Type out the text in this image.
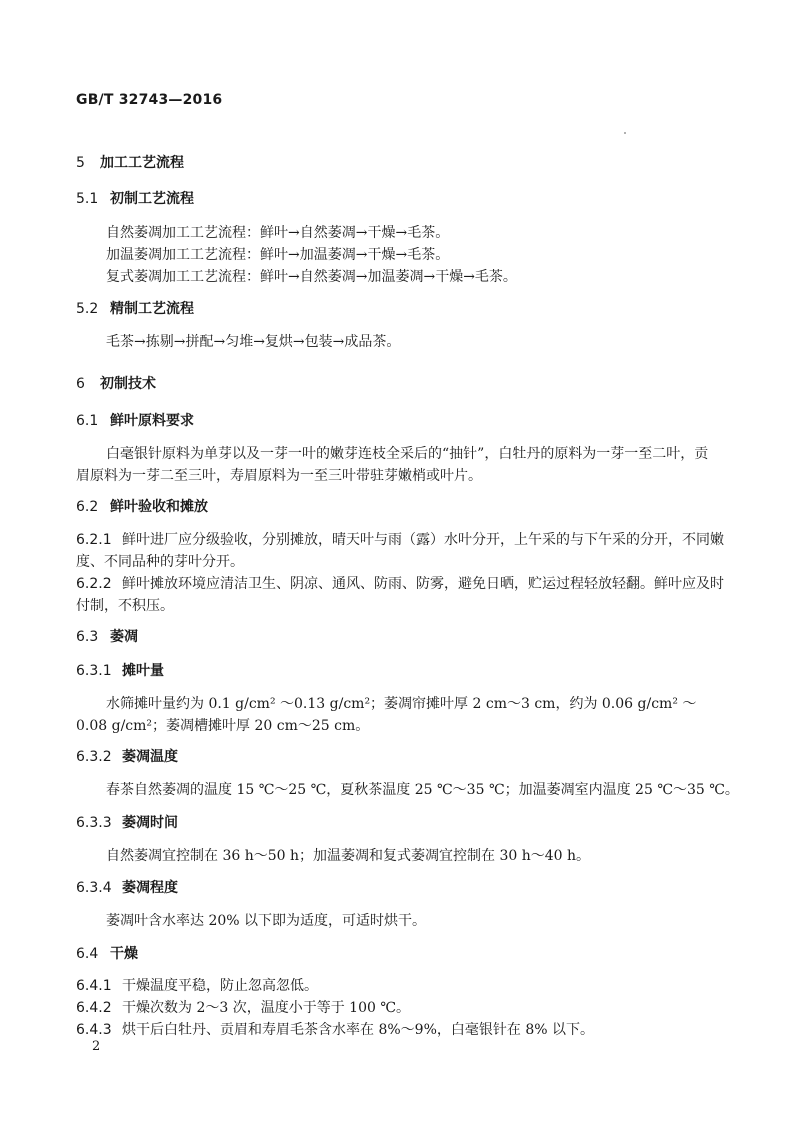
GB/T 32743—2016
5 加工工艺流程
5.1 初制工艺流程
自然萎凋加工工艺流程：鲜叶→自然萎凋→干燥→毛茶。
加温萎凋加工工艺流程：鲜叶→加温萎凋→干燥→毛茶。
复式萎凋加工工艺流程：鲜叶→自然萎凋→加温萎凋→干燥→毛茶。
5.2 精制工艺流程
毛茶→拣剔→拼配→匀堆→复烘→包装→成品茶。
6 初制技术
6.1 鲜叶原料要求
白毫银针原料为单芽以及一芽一叶的嫩芽连枝全采后的“抽针”，白牡丹的原料为一芽一至二叶，贡
眉原料为一芽二至三叶，寿眉原料为一至三叶带驻芽嫩梢或叶片。
6.2 鲜叶验收和摊放
6.2.1 鲜叶进厂应分级验收，分别摊放，晴天叶与雨（露）水叶分开，上午采的与下午采的分开，不同嫩
度、不同品种的芽叶分开。
6.2.2 鲜叶摊放环境应清洁卫生、阴凉、通风、防雨、防雾，避免日晒，贮运过程轻放轻翻。鲜叶应及时
付制，不积压。
6.3 萎凋
6.3.1 摊叶量
水筛摊叶量约为 0.1 g/cm² ～0.13 g/cm²；萎凋帘摊叶厚 2 cm～3 cm，约为 0.06 g/cm² ～
0.08 g/cm²；萎凋槽摊叶厚 20 cm～25 cm。
6.3.2 萎凋温度
春茶自然萎凋的温度 15 ℃～25 ℃，夏秋茶温度 25 ℃～35 ℃；加温萎凋室内温度 25 ℃～35 ℃。
6.3.3 萎凋时间
自然萎凋宜控制在 36 h～50 h；加温萎凋和复式萎凋宜控制在 30 h～40 h。
6.3.4 萎凋程度
萎凋叶含水率达 20% 以下即为适度，可适时烘干。
6.4 干燥
6.4.1 干燥温度平稳，防止忽高忽低。
6.4.2 干燥次数为 2～3 次，温度小于等于 100 ℃。
6.4.3 烘干后白牡丹、贡眉和寿眉毛茶含水率在 8%～9%，白毫银针在 8% 以下。
2
